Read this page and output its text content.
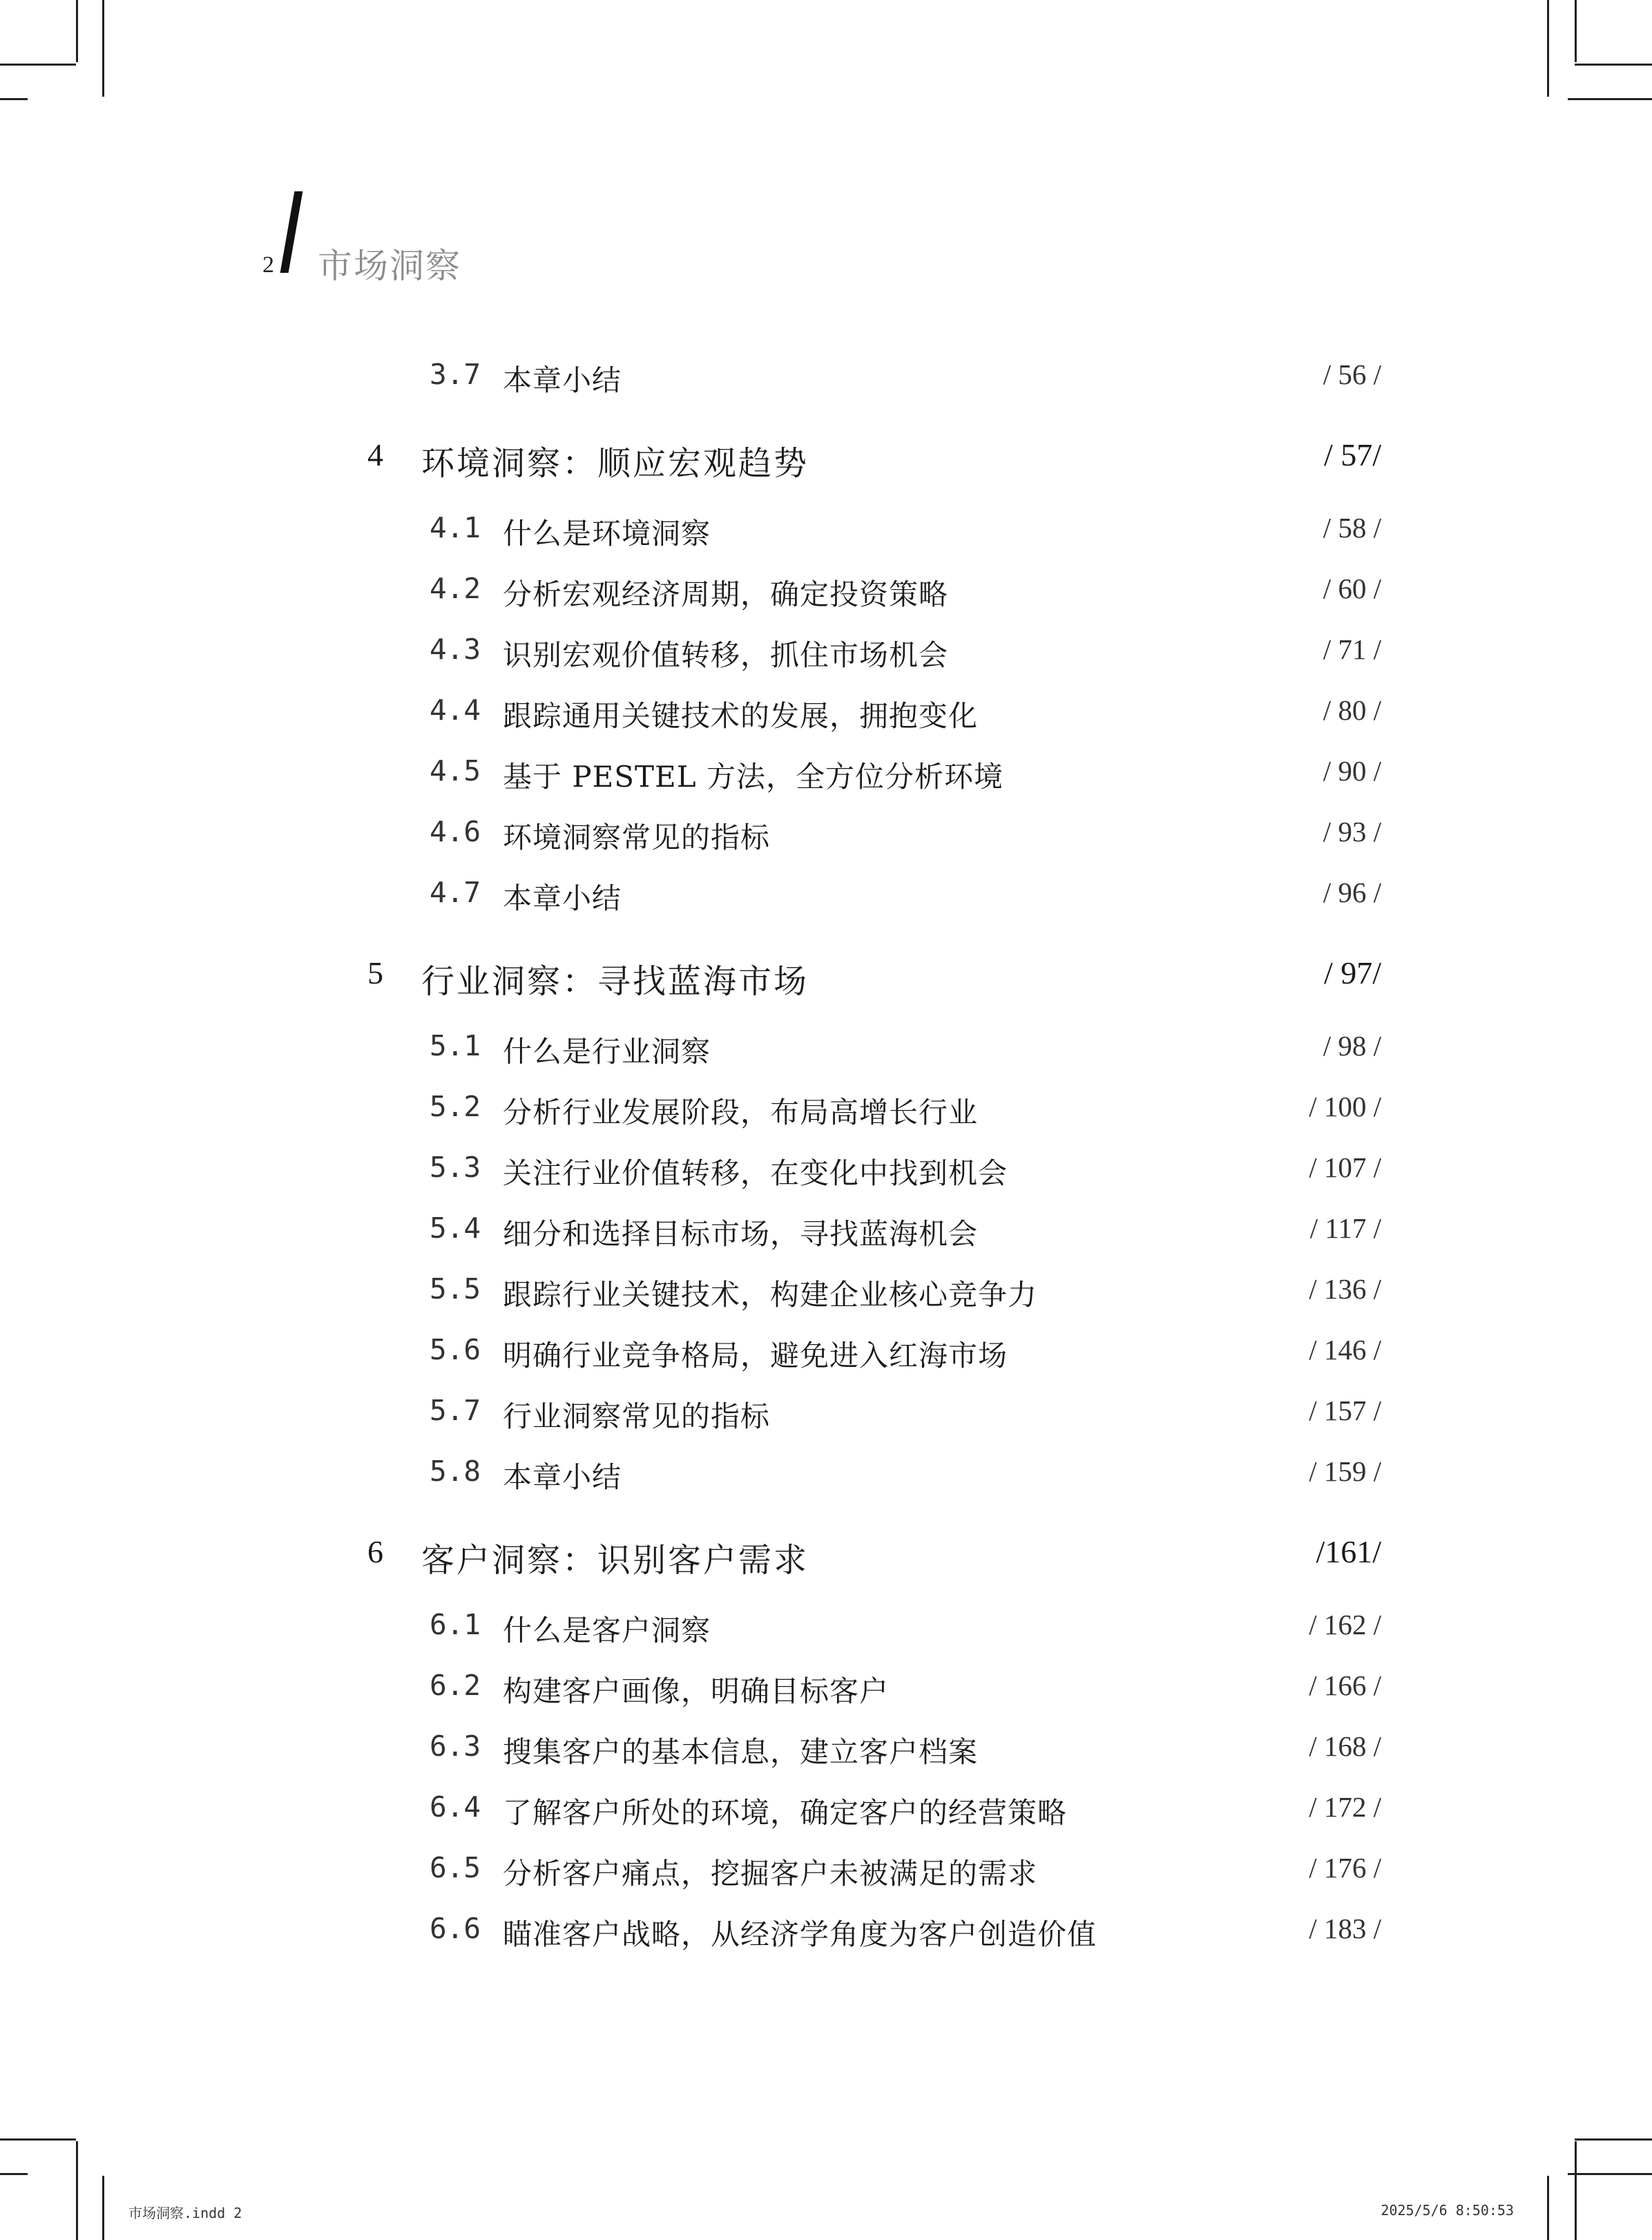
2 市场洞察
3.7 本章小结	/ 56 /
4 环境洞察：顺应宏观趋势	/ 57/
4.1 什么是环境洞察	/ 58 /
4.2 分析宏观经济周期，确定投资策略	/ 60 /
4.3 识别宏观价值转移，抓住市场机会	/ 71 /
4.4 跟踪通用关键技术的发展，拥抱变化	/ 80 /
4.5 基于 PESTEL 方法，全方位分析环境	/ 90 /
4.6 环境洞察常见的指标	/ 93 /
4.7 本章小结	/ 96 /
5 行业洞察：寻找蓝海市场	/ 97/
5.1 什么是行业洞察	/ 98 /
5.2 分析行业发展阶段，布局高增长行业	/ 100 /
5.3 关注行业价值转移，在变化中找到机会	/ 107 /
5.4 细分和选择目标市场，寻找蓝海机会	/ 117 /
5.5 跟踪行业关键技术，构建企业核心竞争力	/ 136 /
5.6 明确行业竞争格局，避免进入红海市场	/ 146 /
5.7 行业洞察常见的指标	/ 157 /
5.8 本章小结	/ 159 /
6 客户洞察：识别客户需求	/161/
6.1 什么是客户洞察	/ 162 /
6.2 构建客户画像，明确目标客户	/ 166 /
6.3 搜集客户的基本信息，建立客户档案	/ 168 /
6.4 了解客户所处的环境，确定客户的经营策略	/ 172 /
6.5 分析客户痛点，挖掘客户未被满足的需求	/ 176 /
6.6 瞄准客户战略，从经济学角度为客户创造价值	/ 183 /
市场洞察.indd 2	2025/5/6 8:50:53
